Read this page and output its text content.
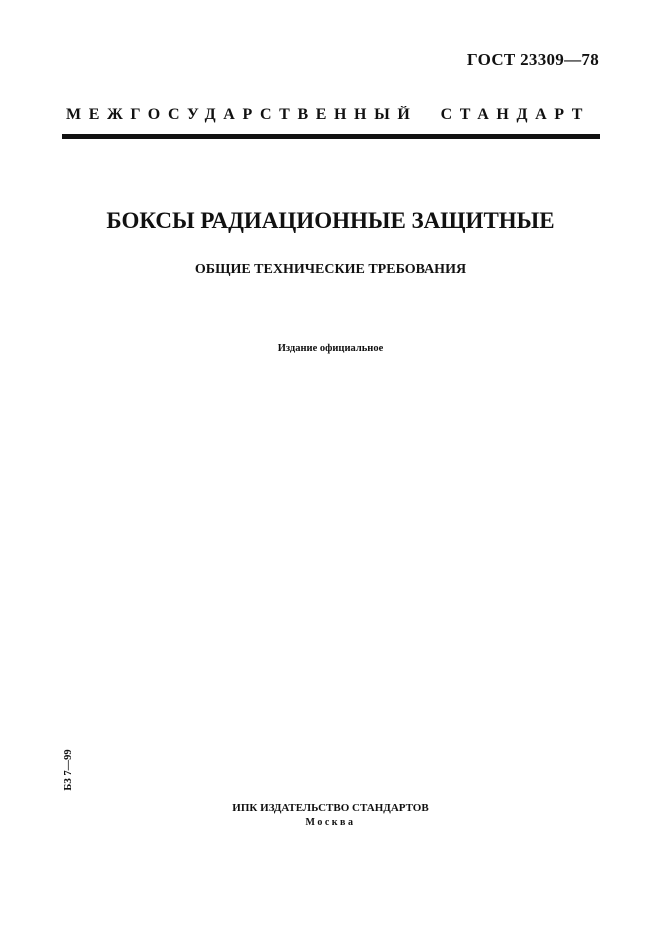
ГОСТ 23309—78
МЕЖГОСУДАРСТВЕННЫЙ  СТАНДАРТ
БОКСЫ РАДИАЦИОННЫЕ ЗАЩИТНЫЕ
ОБЩИЕ ТЕХНИЧЕСКИЕ ТРЕБОВАНИЯ
Издание официальное
БЗ 7—99
ИПК ИЗДАТЕЛЬСТВО СТАНДАРТОВ
Москва
